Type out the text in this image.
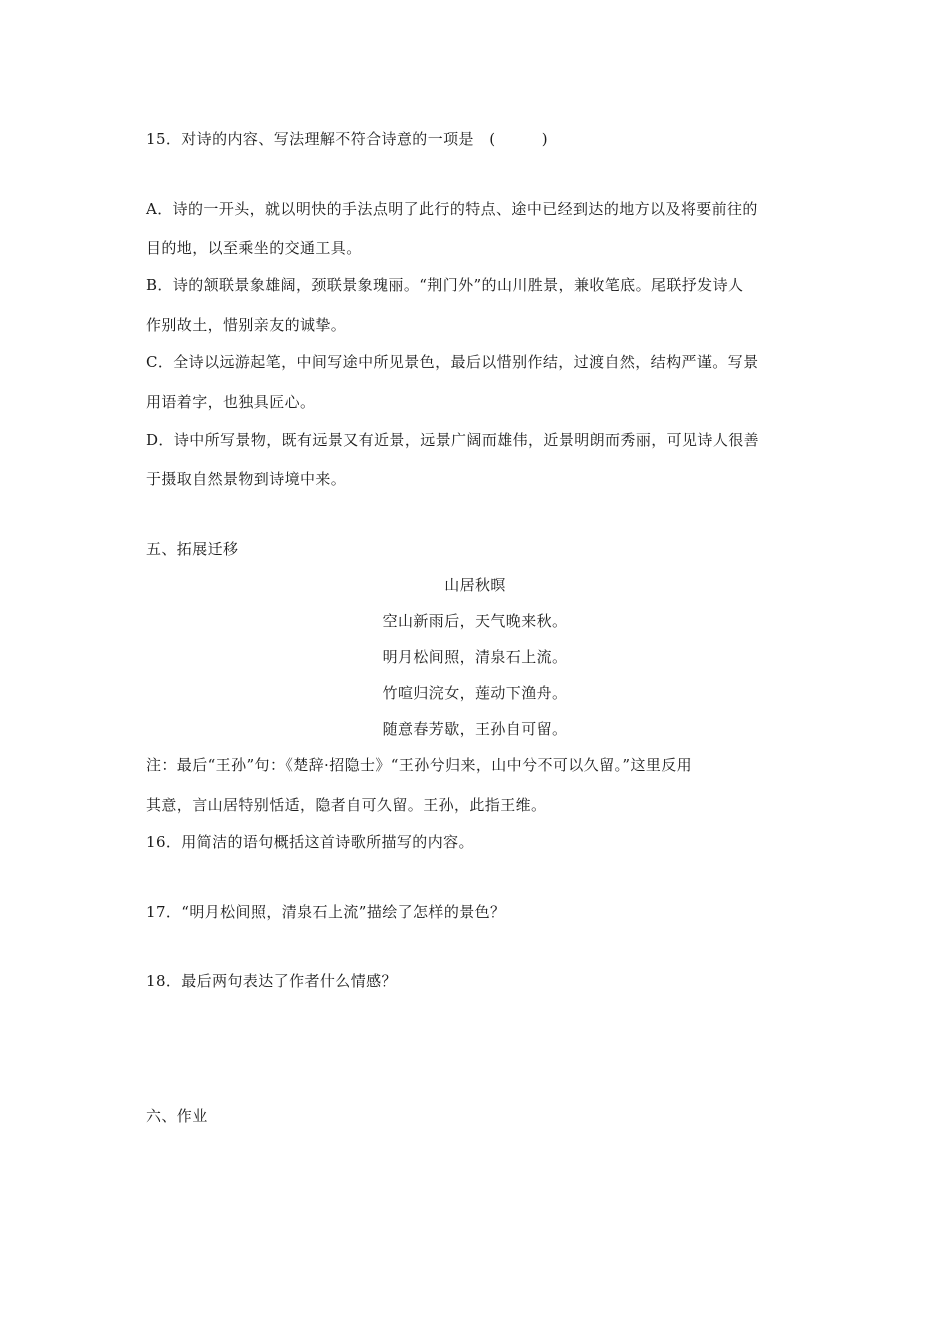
15．对诗的内容、写法理解不符合诗意的一项是　(　　　)
A．诗的一开头，就以明快的手法点明了此行的特点、途中已经到达的地方以及将要前往的
目的地，以至乘坐的交通工具。
B．诗的颔联景象雄阔，颈联景象瑰丽。“荆门外”的山川胜景，兼收笔底。尾联抒发诗人
作别故土，惜别亲友的诚挚。
C．全诗以远游起笔，中间写途中所见景色，最后以惜别作结，过渡自然，结构严谨。写景
用语着字，也独具匠心。
D．诗中所写景物，既有远景又有近景，远景广阔而雄伟，近景明朗而秀丽，可见诗人很善
于摄取自然景物到诗境中来。
五、拓展迁移
山居秋暝
空山新雨后，天气晚来秋。
明月松间照，清泉石上流。
竹喧归浣女，莲动下渔舟。
随意春芳歇，王孙自可留。
注：最后“王孙”句：《楚辞·招隐士》“王孙兮归来，山中兮不可以久留。”这里反用
其意，言山居特别恬适，隐者自可久留。王孙，此指王维。
16．用简洁的语句概括这首诗歌所描写的内容。
17．“明月松间照，清泉石上流”描绘了怎样的景色？
18．最后两句表达了作者什么情感？
六、作业
